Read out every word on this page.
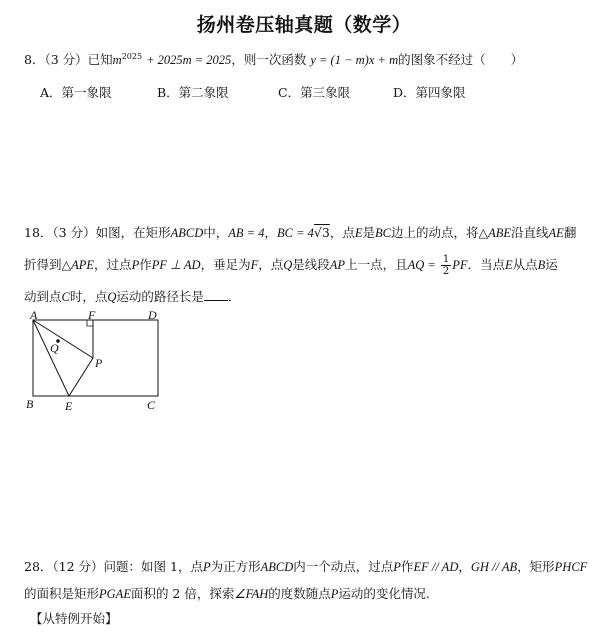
扬州卷压轴真题（数学）
8．（3 分）已知$m^{2025} + 2025m = 2025$，则一次函数 y = (1 − m)x + m的图象不经过（　　）
A．第一象限	B．第二象限	C．第三象限	D．第四象限
18．（3 分）如图，在矩形ABCD中，AB = 4，BC = 4√3，点E是BC边上的动点，将△ABE沿直线AE翻
折得到△APE，过点P作PF ⊥ AD，垂足为F，点Q是线段AP上一点，且AQ = $\frac{1}{2}$ PF．当点E从点B运
动到点C时，点Q运动的路径长是 ．
A	F	D
Q
P
B	E	C
28．（12 分）问题：如图 1，点P为正方形ABCD内一个动点，过点P作EF // AD，GH // AB，矩形PHCF
的面积是矩形PGAE面积的 2 倍，探索∠FAH的度数随点P运动的变化情况.
【从特例开始】
